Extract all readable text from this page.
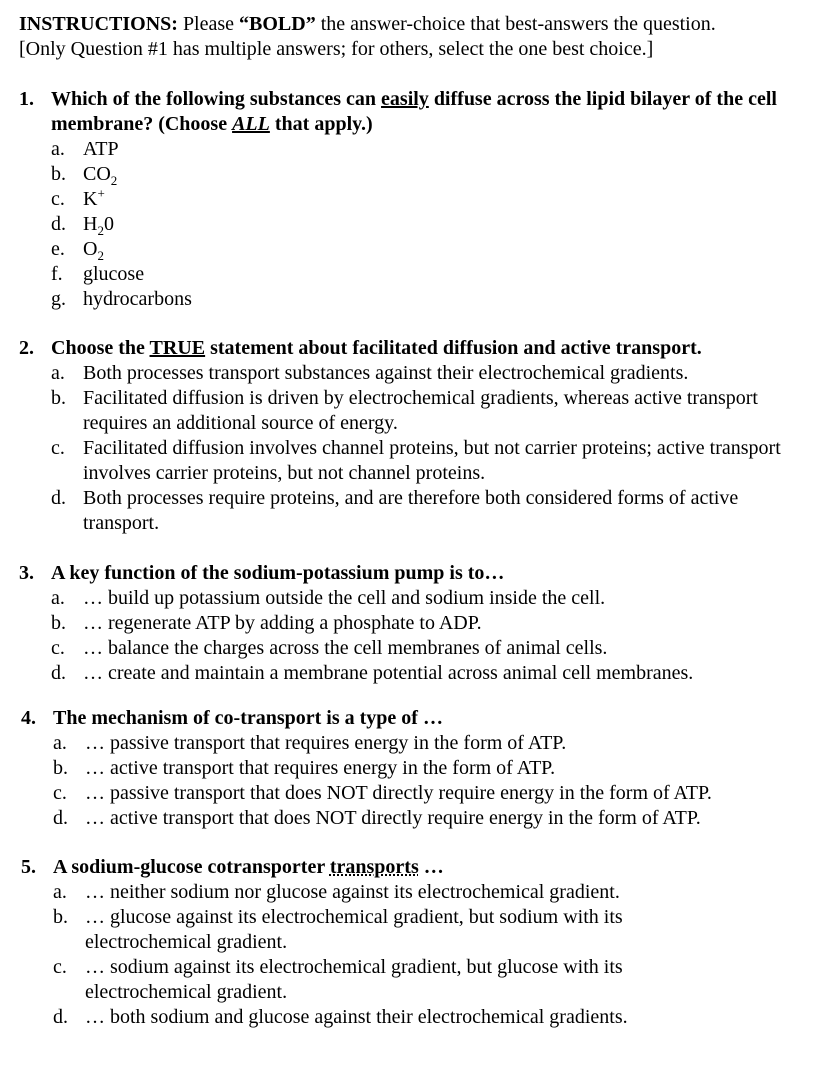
INSTRUCTIONS: Please “BOLD” the answer-choice that best-answers the question.
[Only Question #1 has multiple answers; for others, select the one best choice.]
1. Which of the following substances can easily diffuse across the lipid bilayer of the cell membrane? (Choose ALL that apply.)
a. ATP
b. $CO_2$
c. K+
d. $H_20$
e. $O_2$
f. glucose
g. hydrocarbons
2. Choose the TRUE statement about facilitated diffusion and active transport.
a. Both processes transport substances against their electrochemical gradients.
b. Facilitated diffusion is driven by electrochemical gradients, whereas active transport requires an additional source of energy.
c. Facilitated diffusion involves channel proteins, but not carrier proteins; active transport involves carrier proteins, but not channel proteins.
d. Both processes require proteins, and are therefore both considered forms of active transport.
3. A key function of the sodium-potassium pump is to…
a. … build up potassium outside the cell and sodium inside the cell.
b. … regenerate ATP by adding a phosphate to ADP.
c. … balance the charges across the cell membranes of animal cells.
d. … create and maintain a membrane potential across animal cell membranes.
4. The mechanism of co-transport is a type of …
a. … passive transport that requires energy in the form of ATP.
b. … active transport that requires energy in the form of ATP.
c. … passive transport that does NOT directly require energy in the form of ATP.
d. … active transport that does NOT directly require energy in the form of ATP.
5. A sodium-glucose cotransporter transports …
a. … neither sodium nor glucose against its electrochemical gradient.
b. … glucose against its electrochemical gradient, but sodium with its electrochemical gradient.
c. … sodium against its electrochemical gradient, but glucose with its electrochemical gradient.
d. … both sodium and glucose against their electrochemical gradients.
